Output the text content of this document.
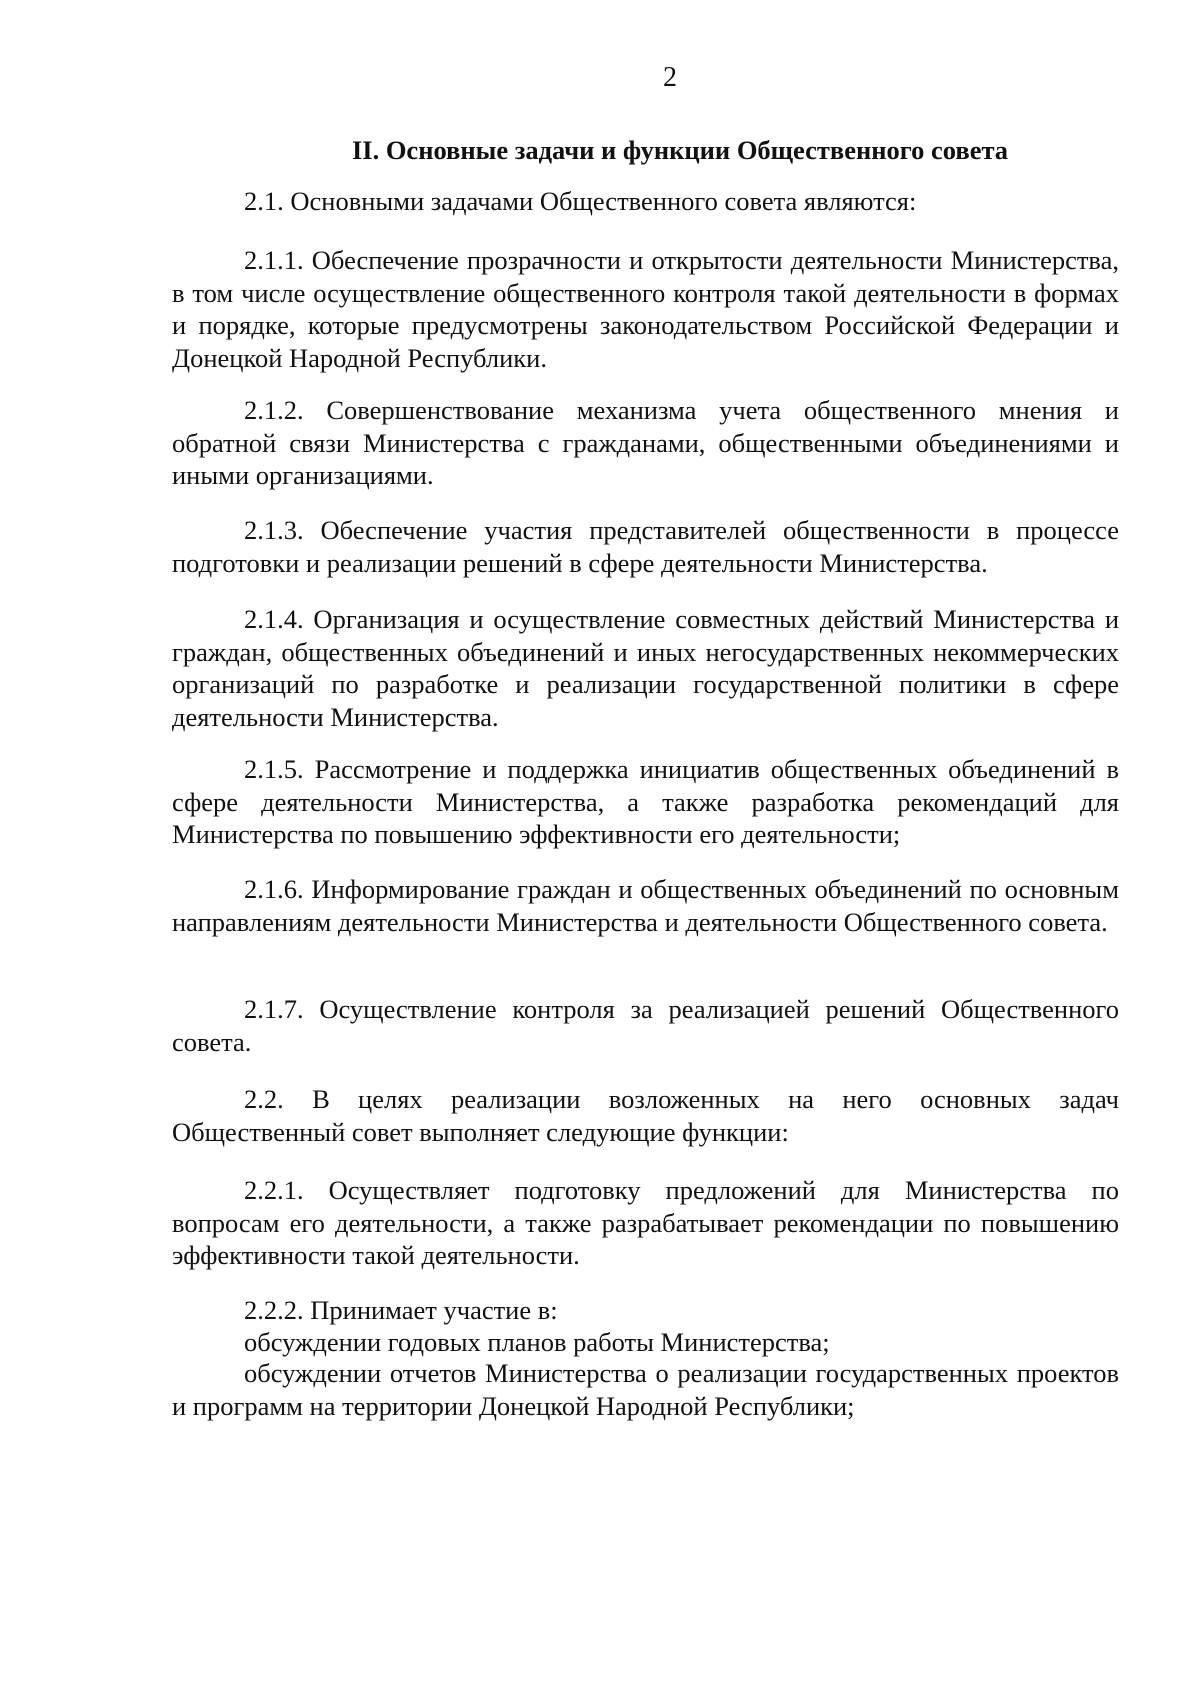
2
II. Основные задачи и функции Общественного совета

2.1. Основными задачами Общественного совета являются:

2.1.1. Обеспечение прозрачности и открытости деятельности Министерства, в том числе осуществление общественного контроля такой деятельности в формах и порядке, которые предусмотрены законодательством Российской Федерации и Донецкой Народной Республики.

2.1.2. Совершенствование механизма учета общественного мнения и обратной связи Министерства с гражданами, общественными объединениями и иными организациями.

2.1.3. Обеспечение участия представителей общественности в процессе подготовки и реализации решений в сфере деятельности Министерства.

2.1.4. Организация и осуществление совместных действий Министерства и граждан, общественных объединений и иных негосударственных некоммерческих организаций по разработке и реализации государственной политики в сфере деятельности Министерства.

2.1.5. Рассмотрение и поддержка инициатив общественных объединений в сфере деятельности Министерства, а также разработка рекомендаций для Министерства по повышению эффективности его деятельности;

2.1.6. Информирование граждан и общественных объединений по основным направлениям деятельности Министерства и деятельности Общественного совета.

2.1.7. Осуществление контроля за реализацией решений Общественного совета.

2.2. В целях реализации возложенных на него основных задач Общественный совет выполняет следующие функции:

2.2.1. Осуществляет подготовку предложений для Министерства по вопросам его деятельности, а также разрабатывает рекомендации по повышению эффективности такой деятельности.

2.2.2. Принимает участие в:

обсуждении годовых планов работы Министерства;

обсуждении отчетов Министерства о реализации государственных проектов и программ на территории Донецкой Народной Республики;
